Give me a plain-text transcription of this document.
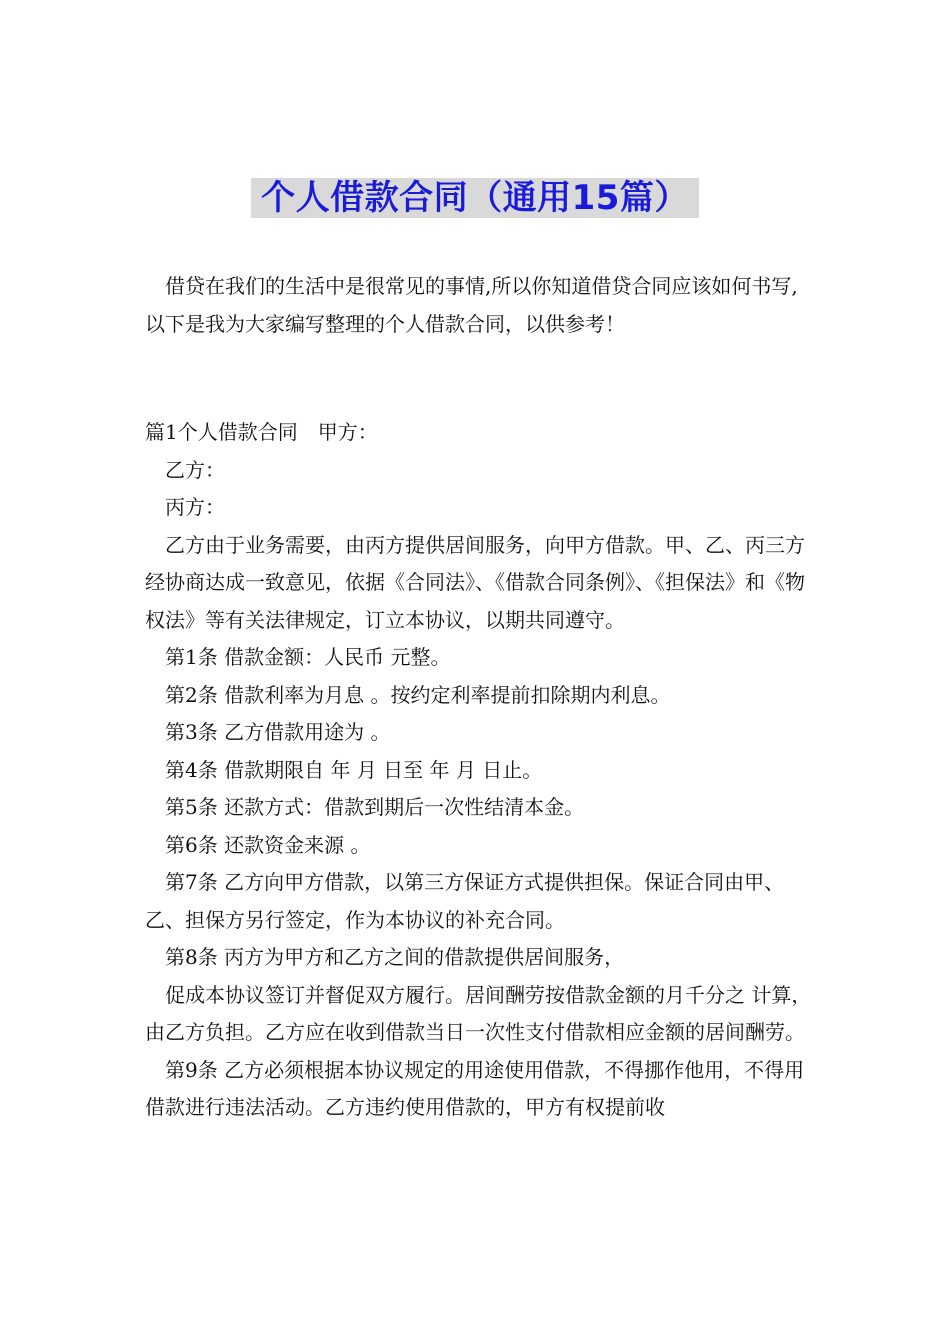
个人借款合同（通用15篇）

借贷在我们的生活中是很常见的事情,所以你知道借贷合同应该如何书写,以下是我为大家编写整理的个人借款合同，以供参考！

篇1个人借款合同　甲方：

乙方：

丙方：

乙方由于业务需要，由丙方提供居间服务，向甲方借款。甲、乙、丙三方经协商达成一致意见，依据《合同法》、《借款合同条例》、《担保法》和《物权法》等有关法律规定，订立本协议，以期共同遵守。

第1条 借款金额：人民币 元整。

第2条 借款利率为月息 。按约定利率提前扣除期内利息。

第3条 乙方借款用途为 。

第4条 借款期限自 年 月 日至 年 月 日止。

第5条 还款方式：借款到期后一次性结清本金。

第6条 还款资金来源 。

第7条 乙方向甲方借款，以第三方保证方式提供担保。保证合同由甲、乙、担保方另行签定，作为本协议的补充合同。

第8条 丙方为甲方和乙方之间的借款提供居间服务，

促成本协议签订并督促双方履行。居间酬劳按借款金额的月千分之 计算，由乙方负担。乙方应在收到借款当日一次性支付借款相应金额的居间酬劳。

第9条 乙方必须根据本协议规定的用途使用借款，不得挪作他用，不得用借款进行违法活动。乙方违约使用借款的，甲方有权提前收
